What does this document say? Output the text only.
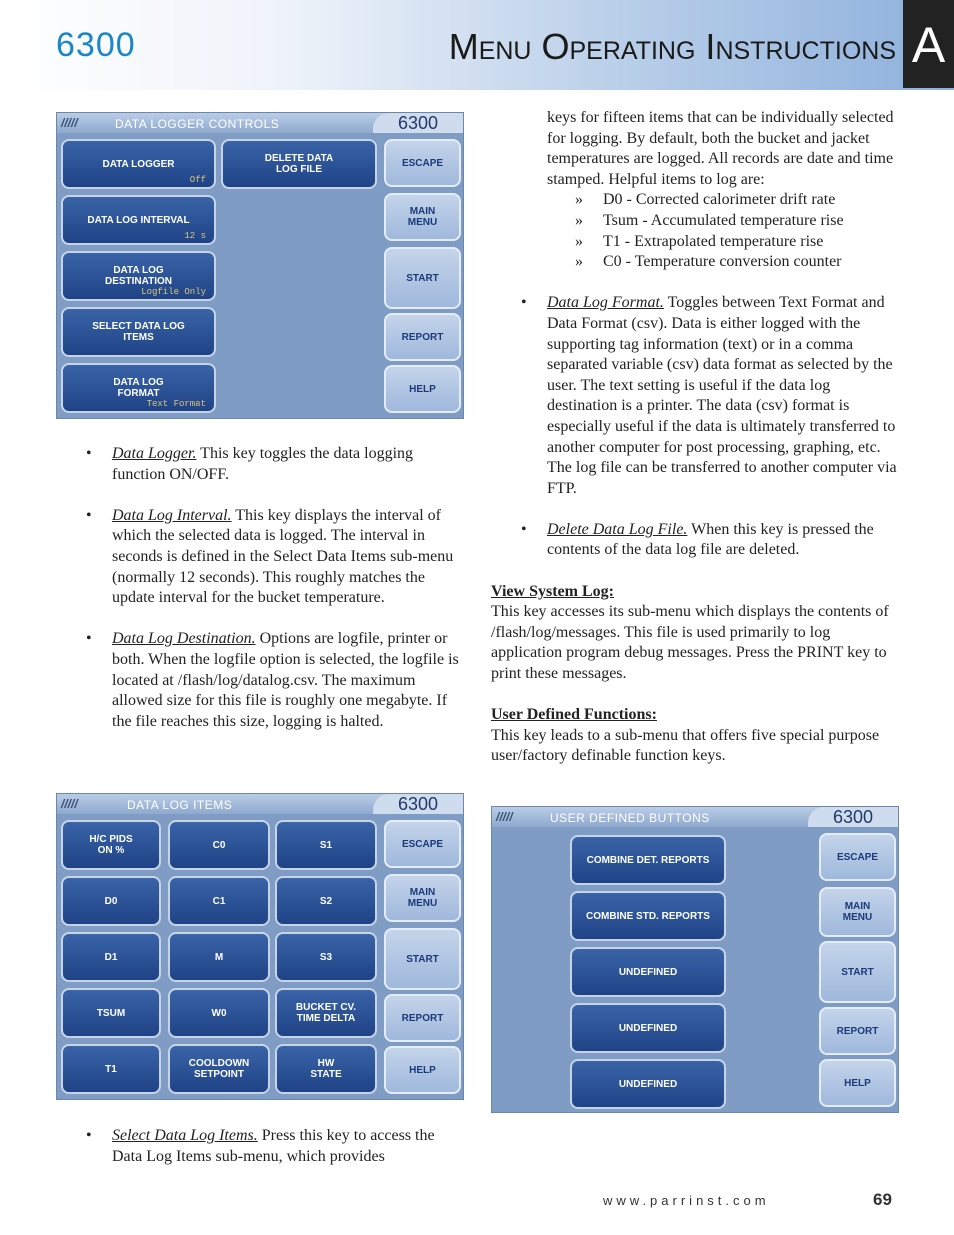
6300	Menu Operating Instructions A
/////	DATA LOGGER CONTROLS	6300
DATA LOGGER
Off
DELETE DATA LOG FILE
DATA LOG INTERVAL
12 s
DATA LOG DESTINATION
Logfile Only
SELECT DATA LOG ITEMS
DATA LOG FORMAT
Text Format
ESCAPE
MAIN MENU
START
REPORT
HELP

• Data Logger. This key toggles the data logging function ON/OFF.

• Data Log Interval. This key displays the interval of which the selected data is logged. The interval in seconds is defined in the Select Data Items sub-menu (normally 12 seconds). This roughly matches the update interval for the bucket temperature.

• Data Log Destination. Options are logfile, printer or both. When the logfile option is selected, the logfile is located at /flash/log/datalog.csv. The maximum allowed size for this file is roughly one megabyte. If the file reaches this size, logging is halted.

/////	DATA LOG ITEMS	6300
H/C PIDS ON %	C0	S1
D0	C1	S2
D1	M	S3
TSUM	W0	BUCKET CV. TIME DELTA
T1	COOLDOWN SETPOINT
HW STATE
ESCAPE
MAIN MENU
START
REPORT
HELP

• Select Data Log Items. Press this key to access the Data Log Items sub-menu, which provides

keys for fifteen items that can be individually selected for logging. By default, both the bucket and jacket temperatures are logged. All records are date and time stamped. Helpful items to log are:

» D0 - Corrected calorimeter drift rate

» Tsum - Accumulated temperature rise

» T1 - Extrapolated temperature rise

» C0 - Temperature conversion counter

• Data Log Format. Toggles between Text Format and Data Format (csv). Data is either logged with the supporting tag information (text) or in a comma separated variable (csv) data format as selected by the user. The text setting is useful if the data log destination is a printer. The data (csv) format is especially useful if the data is ultimately transferred to another computer for post processing, graphing, etc. The log file can be transferred to another computer via FTP.

• Delete Data Log File. When this key is pressed the contents of the data log file are deleted.

View System Log:

This key accesses its sub-menu which displays the contents of /flash/log/messages. This file is used primarily to log application program debug messages. Press the PRINT key to print these messages.

User Defined Functions:

This key leads to a sub-menu that offers five special purpose user/factory definable function keys.

/////	USER DEFINED BUTTONS	6300
COMBINE DET. REPORTS
COMBINE STD. REPORTS
UNDEFINED
UNDEFINED
UNDEFINED
ESCAPE
MAIN MENU
START
REPORT
HELP
www.parrinst.com	69
